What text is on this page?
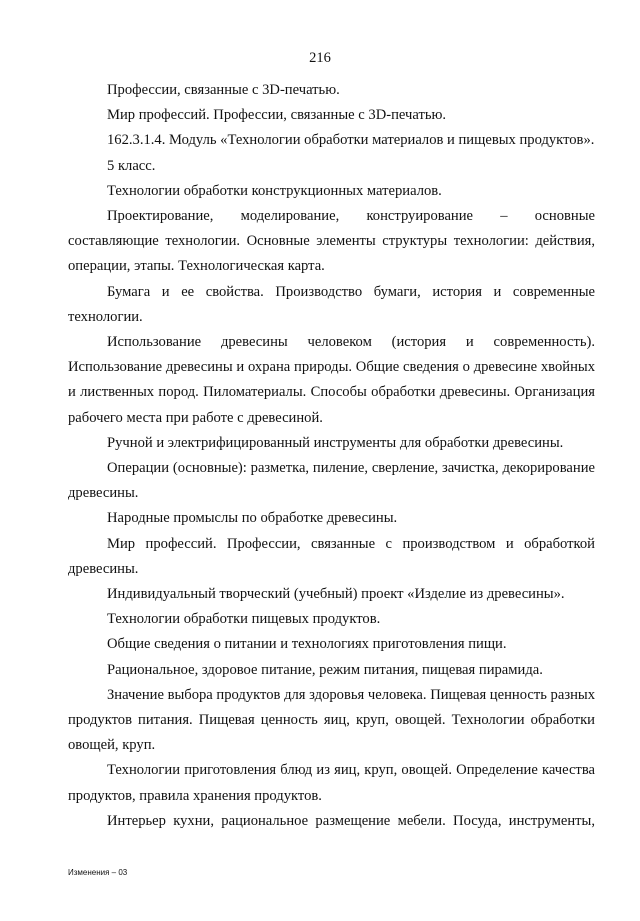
216

Профессии, связанные с 3D-печатью.

Мир профессий. Профессии, связанные с 3D-печатью.

162.3.1.4. Модуль «Технологии обработки материалов и пищевых продуктов».

5 класс.

Технологии обработки конструкционных материалов.

Проектирование, моделирование, конструирование – основные составляющие технологии. Основные элементы структуры технологии: действия, операции, этапы. Технологическая карта.

Бумага и ее свойства. Производство бумаги, история и современные технологии.

Использование древесины человеком (история и современность). Использование древесины и охрана природы. Общие сведения о древесине хвойных и лиственных пород. Пиломатериалы. Способы обработки древесины. Организация рабочего места при работе с древесиной.

Ручной и электрифицированный инструменты для обработки древесины.

Операции (основные): разметка, пиление, сверление, зачистка, декорирование древесины.

Народные промыслы по обработке древесины.

Мир профессий. Профессии, связанные с производством и обработкой древесины.

Индивидуальный творческий (учебный) проект «Изделие из древесины».

Технологии обработки пищевых продуктов.

Общие сведения о питании и технологиях приготовления пищи.

Рациональное, здоровое питание, режим питания, пищевая пирамида.

Значение выбора продуктов для здоровья человека. Пищевая ценность разных продуктов питания. Пищевая ценность яиц, круп, овощей. Технологии обработки овощей, круп.

Технологии приготовления блюд из яиц, круп, овощей. Определение качества продуктов, правила хранения продуктов.

Интерьер кухни, рациональное размещение мебели. Посуда, инструменты,

Изменения – 03
